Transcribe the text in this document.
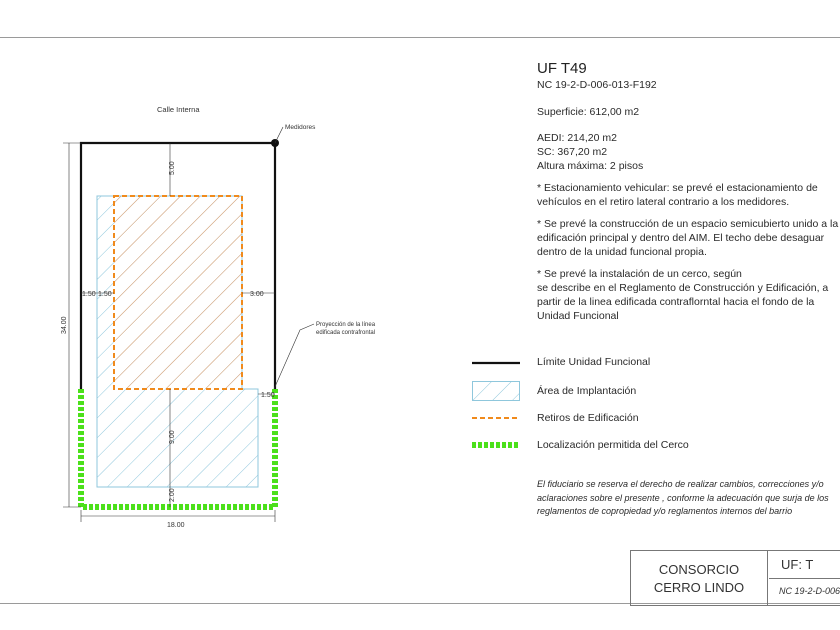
Medidores
Calle Interna
Proyección de la línea
edificada contrafrontal
5.00
1.50 1.50	3.00
1.50
9.00
2.00
34.00
18.00

UF T49

NC 19-2-D-006-013-F192

Superficie: 612,00 m2

AEDI: 214,20 m2

SC: 367,20 m2

Altura máxima: 2 pisos

* Estacionamiento vehicular: se prevé el estacionamiento de vehículos en el retiro lateral contrario a los medidores.

* Se prevé la construcción de un espacio semicubierto unido a la edificación principal y dentro del AIM. El techo debe desaguar dentro de la unidad funcional propia.

* Se prevé la instalación de un cerco, según

se describe en el Reglamento de Construcción y Edificación, a partir de la linea edificada contraflorntal hacia el fondo de la Unidad Funcional

Límite Unidad Funcional
Área de Implantación
Retiros de Edificación
Localización permitida del Cerco
El fiduciario se reserva el derecho de realizar cambios, correcciones y/o aclaraciones sobre el presente , conforme la adecuación que surja de los reglamentos de copropiedad y/o reglamentos internos del barrio
CONSORCIO
CERRO LINDO
UF: T
NC 19-2-D-006
